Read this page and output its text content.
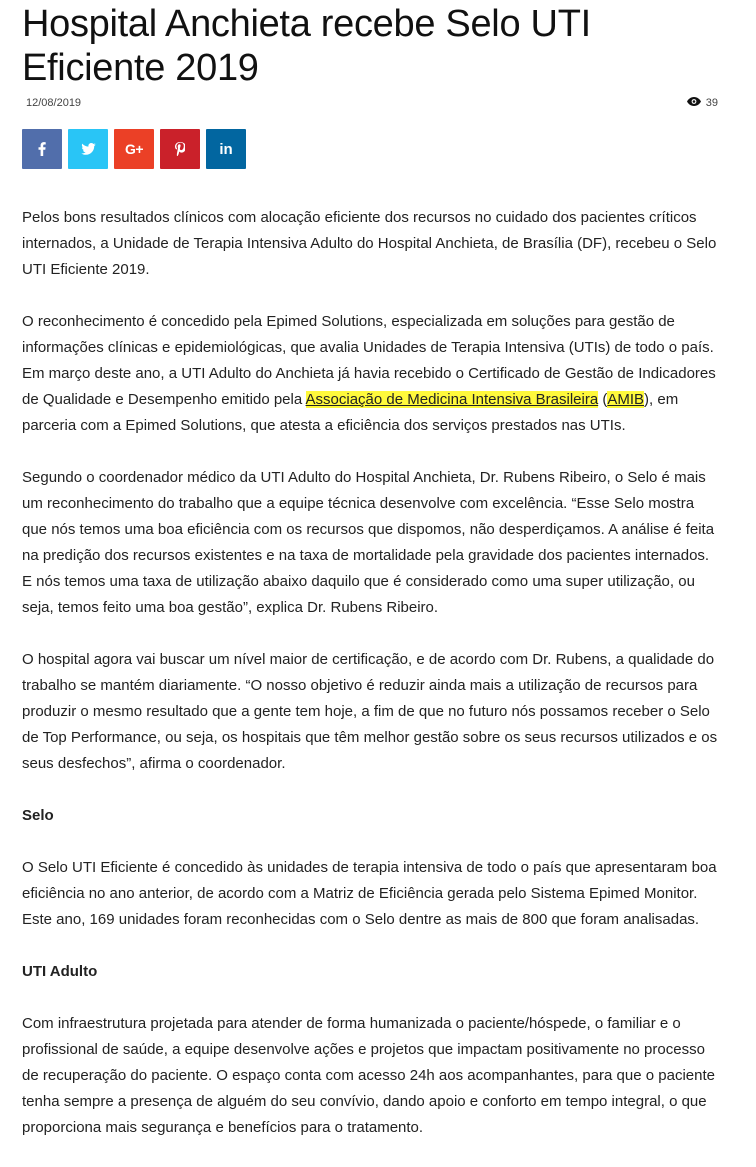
Hospital Anchieta recebe Selo UTI Eficiente 2019
12/08/2019	39
G+	in

Pelos bons resultados clínicos com alocação eficiente dos recursos no cuidado dos pacientes críticos internados, a Unidade de Terapia Intensiva Adulto do Hospital Anchieta, de Brasília (DF), recebeu o Selo UTI Eficiente 2019.

O reconhecimento é concedido pela Epimed Solutions, especializada em soluções para gestão de informações clínicas e epidemiológicas, que avalia Unidades de Terapia Intensiva (UTIs) de todo o país. Em março deste ano, a UTI Adulto do Anchieta já havia recebido o Certificado de Gestão de Indicadores de Qualidade e Desempenho emitido pela Associação de Medicina Intensiva Brasileira (AMIB), em parceria com a Epimed Solutions, que atesta a eficiência dos serviços prestados nas UTIs.

Segundo o coordenador médico da UTI Adulto do Hospital Anchieta, Dr. Rubens Ribeiro, o Selo é mais um reconhecimento do trabalho que a equipe técnica desenvolve com excelência. “Esse Selo mostra que nós temos uma boa eficiência com os recursos que dispomos, não desperdiçamos. A análise é feita na predição dos recursos existentes e na taxa de mortalidade pela gravidade dos pacientes internados. E nós temos uma taxa de utilização abaixo daquilo que é considerado como uma super utilização, ou seja, temos feito uma boa gestão”, explica Dr. Rubens Ribeiro.

O hospital agora vai buscar um nível maior de certificação, e de acordo com Dr. Rubens, a qualidade do trabalho se mantém diariamente. “O nosso objetivo é reduzir ainda mais a utilização de recursos para produzir o mesmo resultado que a gente tem hoje, a fim de que no futuro nós possamos receber o Selo de Top Performance, ou seja, os hospitais que têm melhor gestão sobre os seus recursos utilizados e os seus desfechos”, afirma o coordenador.

Selo

O Selo UTI Eficiente é concedido às unidades de terapia intensiva de todo o país que apresentaram boa eficiência no ano anterior, de acordo com a Matriz de Eficiência gerada pelo Sistema Epimed Monitor. Este ano, 169 unidades foram reconhecidas com o Selo dentre as mais de 800 que foram analisadas.

UTI Adulto

Com infraestrutura projetada para atender de forma humanizada o paciente/hóspede, o familiar e o profissional de saúde, a equipe desenvolve ações e projetos que impactam positivamente no processo de recuperação do paciente. O espaço conta com acesso 24h aos acompanhantes, para que o paciente tenha sempre a presença de alguém do seu convívio, dando apoio e conforto em tempo integral, o que proporciona mais segurança e benefícios para o tratamento.
